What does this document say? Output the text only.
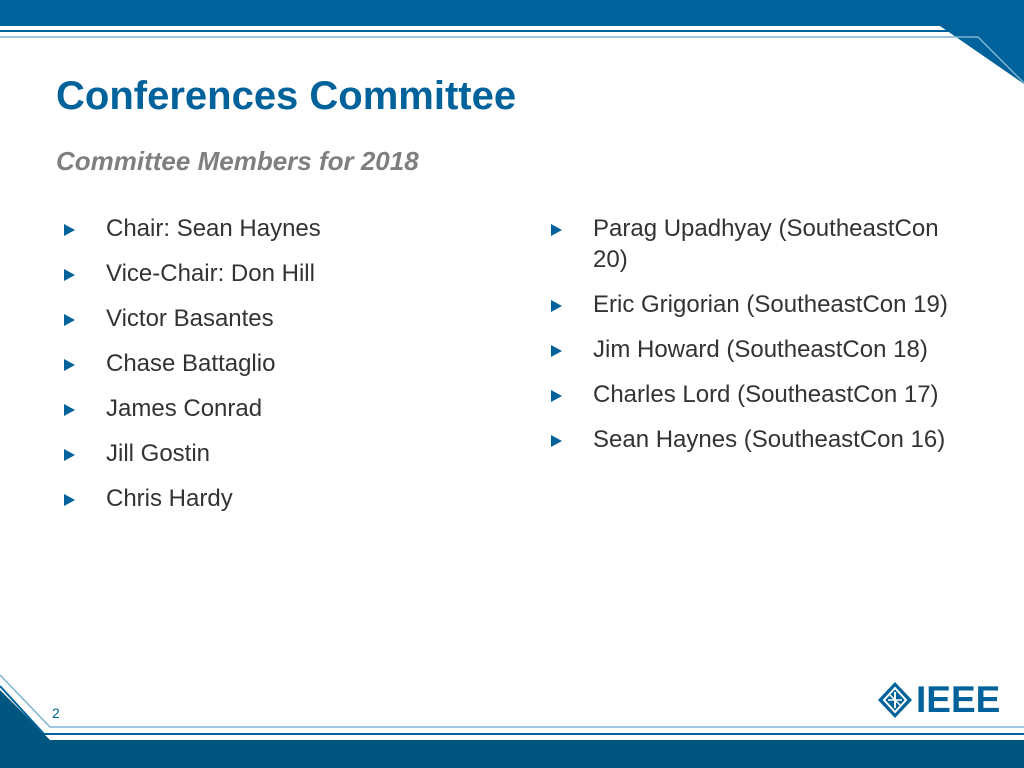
Conferences Committee
Committee Members for 2018
Chair: Sean Haynes
Vice-Chair: Don Hill
Victor Basantes
Chase Battaglio
James Conrad
Jill Gostin
Chris Hardy
Parag Upadhyay (SoutheastCon 20)
Eric Grigorian (SoutheastCon 19)
Jim Howard (SoutheastCon 18)
Charles Lord (SoutheastCon 17)
Sean Haynes (SoutheastCon 16)
2	IEEE
